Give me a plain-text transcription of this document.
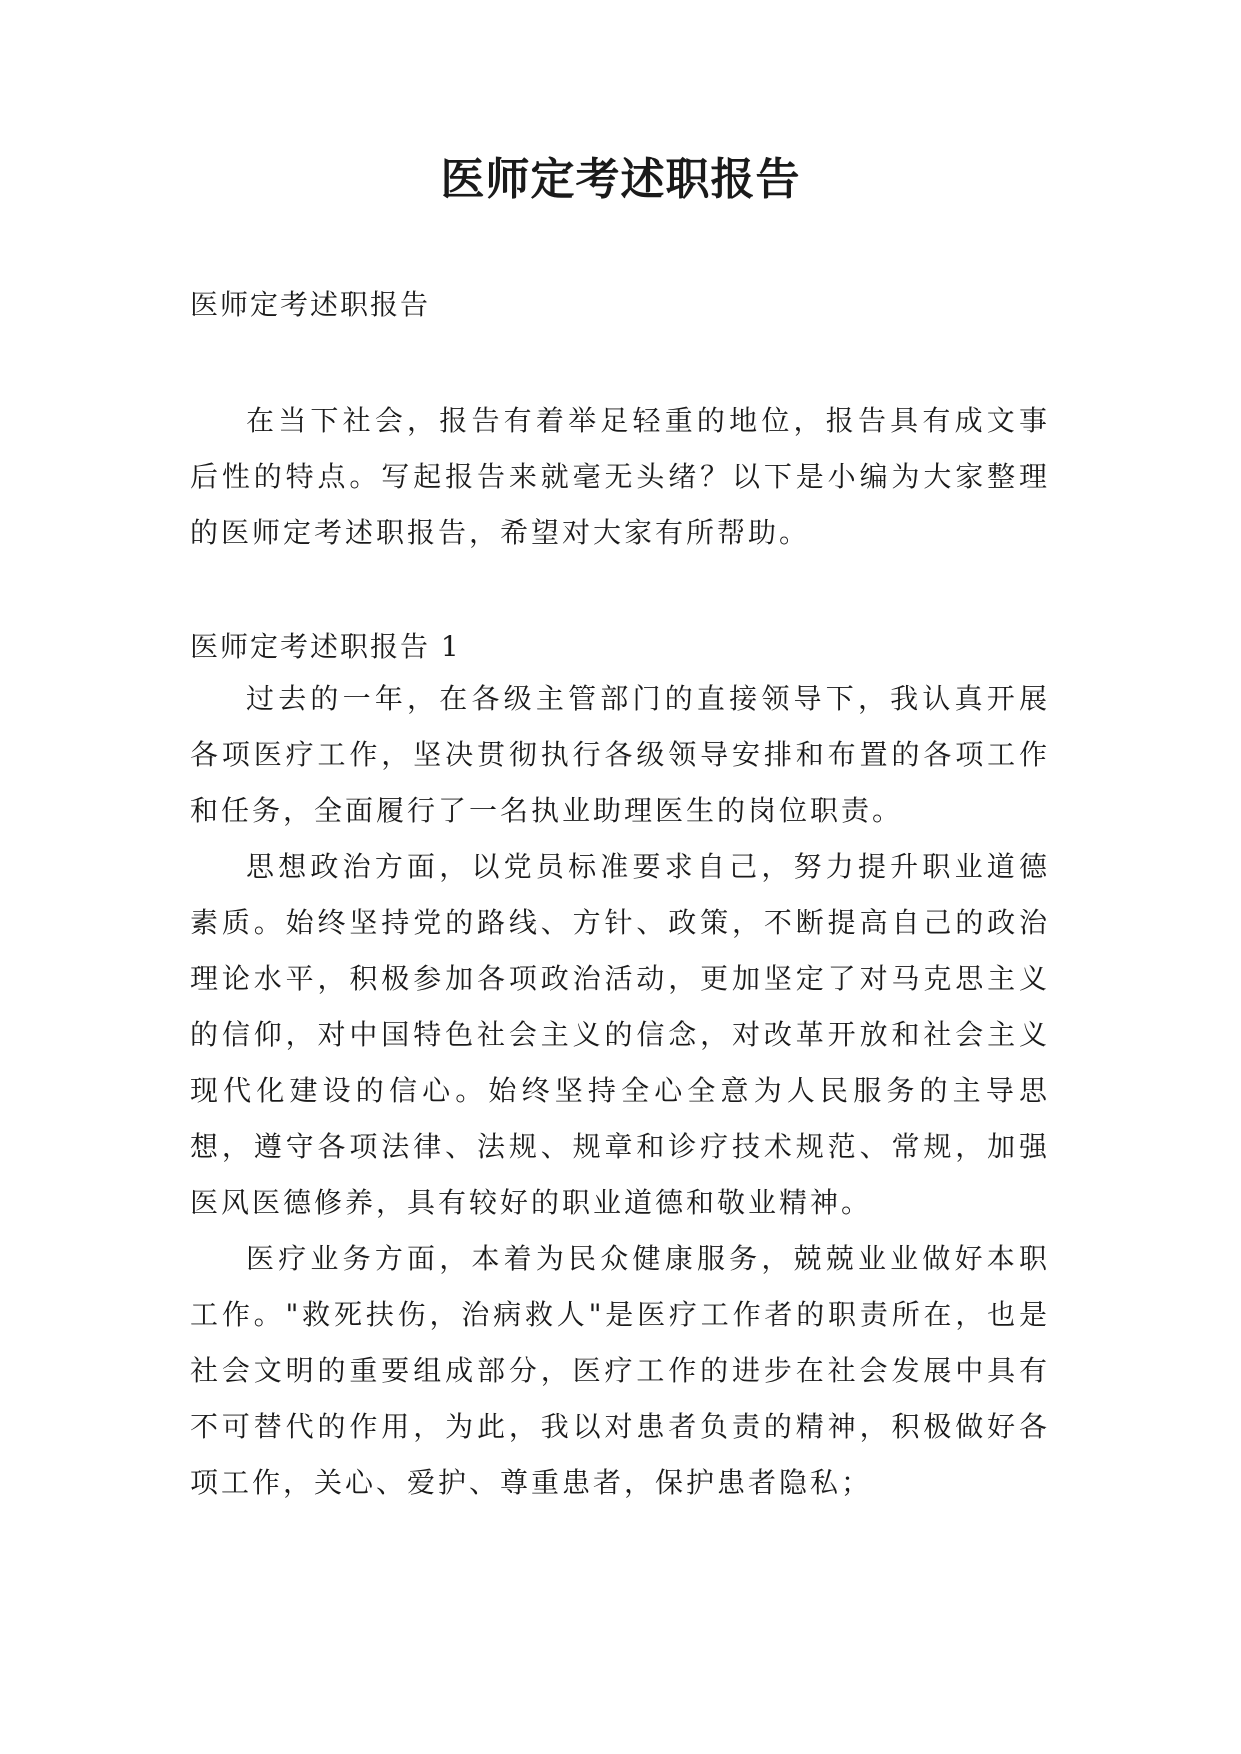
医师定考述职报告

医师定考述职报告

在当下社会，报告有着举足轻重的地位，报告具有成文事后性的特点。写起报告来就毫无头绪？以下是小编为大家整理的医师定考述职报告，希望对大家有所帮助。

医师定考述职报告 1

过去的一年，在各级主管部门的直接领导下，我认真开展各项医疗工作，坚决贯彻执行各级领导安排和布置的各项工作和任务，全面履行了一名执业助理医生的岗位职责。

思想政治方面，以党员标准要求自己，努力提升职业道德素质。始终坚持党的路线、方针、政策，不断提高自己的政治理论水平，积极参加各项政治活动，更加坚定了对马克思主义的信仰，对中国特色社会主义的信念，对改革开放和社会主义现代化建设的信心。始终坚持全心全意为人民服务的主导思想，遵守各项法律、法规、规章和诊疗技术规范、常规，加强医风医德修养，具有较好的职业道德和敬业精神。

医疗业务方面，本着为民众健康服务，兢兢业业做好本职工作。"救死扶伤，治病救人"是医疗工作者的职责所在，也是社会文明的重要组成部分，医疗工作的进步在社会发展中具有不可替代的作用，为此，我以对患者负责的精神，积极做好各项工作，关心、爱护、尊重患者，保护患者隐私；
